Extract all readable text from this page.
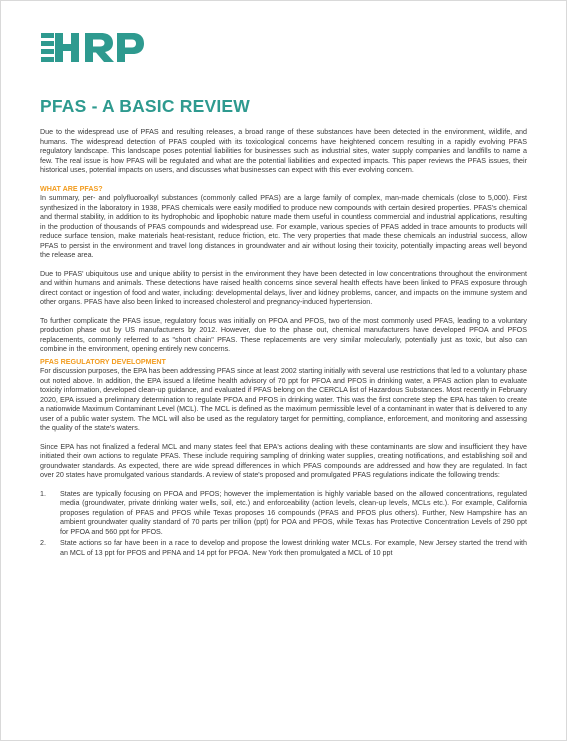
PFAS - A BASIC REVIEW

Due to the widespread use of PFAS and resulting releases, a broad range of these substances have been detected in the environment, wildlife, and humans. The widespread detection of PFAS coupled with its toxicological concerns have heightened concern resulting in a rapidly evolving PFAS regulatory landscape. This landscape poses potential liabilities for businesses such as industrial sites, water supply companies and landfills to name a few. The real issue is how PFAS will be regulated and what are the potential liabilities and expected impacts. This paper reviews the PFAS issues, their historical uses, potential impacts on users, and discusses what businesses can expect with this ever evolving concern.

WHAT ARE PFAS?

In summary, per- and polyfluoroalkyl substances (commonly called PFAS) are a large family of complex, man-made chemicals (close to 5,000). First synthesized in the laboratory in 1938, PFAS chemicals were easily modified to produce new compounds with certain desired properties. PFAS's chemical and thermal stability, in addition to its hydrophobic and lipophobic nature made them useful in countless commercial and industrial applications, resulting in the production of thousands of PFAS compounds and widespread use. For example, various species of PFAS added in trace amounts to products will reduce surface tension, make materials heat-resistant, reduce friction, etc. The very properties that made these chemicals an industrial success, allow PFAS to persist in the environment and travel long distances in groundwater and air without losing their toxicity, potentially impacting areas well beyond the release area.

Due to PFAS' ubiquitous use and unique ability to persist in the environment they have been detected in low concentrations throughout the environment and within humans and animals. These detections have raised health concerns since several health effects have been linked to PFAS exposure through direct contact or ingestion of food and water, including: developmental delays, liver and kidney problems, cancer, and impacts on the immune system and other organs. PFAS have also been linked to increased cholesterol and pregnancy-induced hypertension.

To further complicate the PFAS issue, regulatory focus was initially on PFOA and PFOS, two of the most commonly used PFAS, leading to a voluntary production phase out by US manufacturers by 2012. However, due to the phase out, chemical manufacturers have developed PFOA and PFOS replacements, commonly referred to as "short chain" PFAS. These replacements are very similar molecularly, potentially just as toxic, but also can combine in the environment, opening entirely new concerns.

PFAS REGULATORY DEVELOPMENT

For discussion purposes, the EPA has been addressing PFAS since at least 2002 starting initially with several use restrictions that led to a voluntary phase out noted above. In addition, the EPA issued a lifetime health advisory of 70 ppt for PFOA and PFOS in drinking water, a PFAS action plan to evaluate toxicity information, developed clean-up guidance, and evaluated if PFAS belong on the CERCLA list of Hazardous Substances. Most recently in February 2020, EPA issued a preliminary determination to regulate PFOA and PFOS in drinking water. This was the first concrete step the EPA has taken to create a nationwide Maximum Contaminant Level (MCL). The MCL is defined as the maximum permissible level of a contaminant in water that is delivered to any user of a public water system. The MCL will also be used as the regulatory target for permitting, compliance, enforcement, and monitoring and assessing the quality of the state's waters.

Since EPA has not finalized a federal MCL and many states feel that EPA's actions dealing with these contaminants are slow and insufficient they have initiated their own actions to regulate PFAS. These include requiring sampling of drinking water supplies, creating notifications, and establishing soil and groundwater standards. As expected, there are wide spread differences in which PFAS compounds are addressed and how they are regulated. In fact over 20 states have promulgated various standards. A review of state's proposed and promulgated PFAS regulations indicate the following trends:

1. States are typically focusing on PFOA and PFOS; however the implementation is highly variable based on the allowed concentrations, regulated media (groundwater, private drinking water wells, soil, etc.) and enforceability (action levels, clean-up levels, MCLs etc.). For example, California proposes regulation of PFAS and PFOS while Texas proposes 16 compounds (PFAS and PFOS plus others). Further, New Hampshire has an ambient groundwater quality standard of 70 parts per trillion (ppt) for POA and PFOS, while Texas has Protective Concentration Levels of 290 ppt for PFOA and 560 ppt for PFOS.
2. State actions so far have been in a race to develop and propose the lowest drinking water MCLs. For example, New Jersey started the trend with an MCL of 13 ppt for PFOS and PFNA and 14 ppt for PFOA. New York then promulgated a MCL of 10 ppt
